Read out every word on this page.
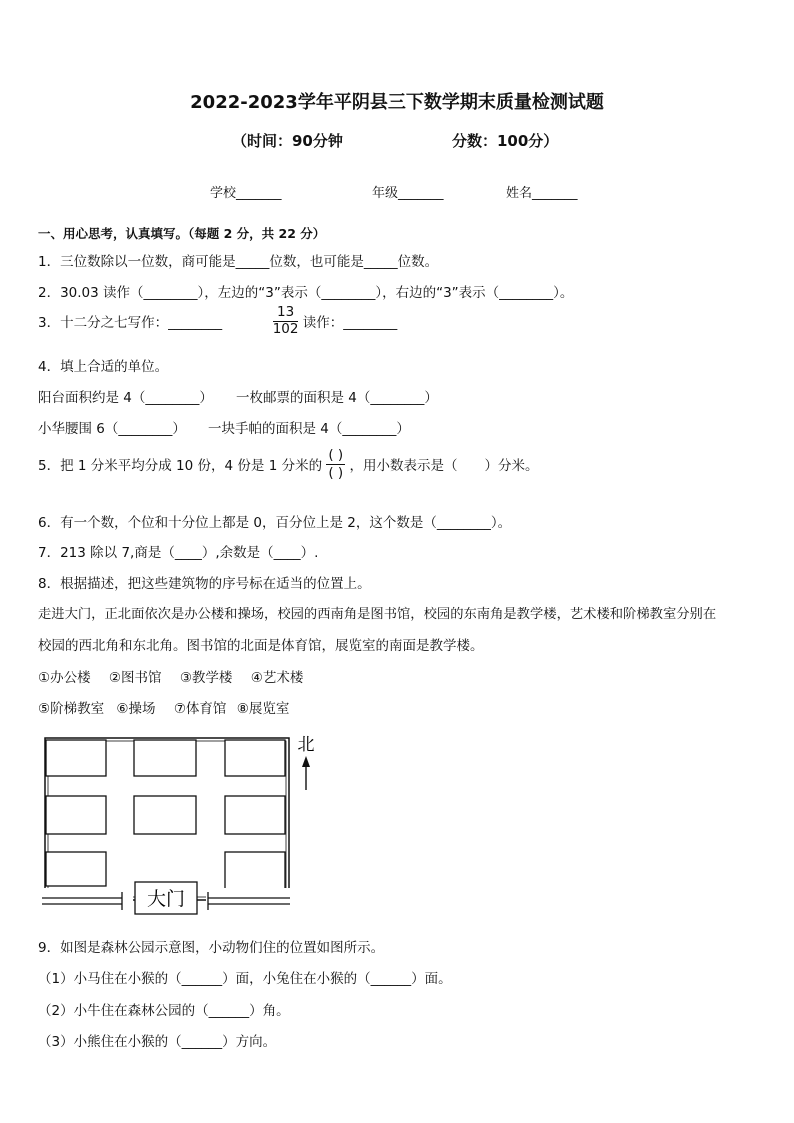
2022-2023学年平阴县三下数学期末质量检测试题
（时间：90分钟	分数：100分）
学校_______	年级_______	姓名_______
一、用心思考，认真填写。（每题 2 分，共 22 分）
1．三位数除以一位数，商可能是_____位数，也可能是_____位数。
2．30.03 读作（________），左边的“3”表示（________），右边的“3”表示（________）。
3．十二分之七写作：________	$\frac{13}{102}$ 读作：________
4．填上合适的单位。
阳台面积约是 4（________） 一枚邮票的面积是 4（________）
小华腰围 6（________） 一块手帕的面积是 4（________）
5．把 1 分米平均分成 10 份，4 份是 1 分米的 $\frac{( )}{( )}$ ，用小数表示是（　　）分米。
6．有一个数，个位和十分位上都是 0，百分位上是 2，这个数是（________）。
7．213 除以 7,商是（____）,余数是（____）.
8．根据描述，把这些建筑物的序号标在适当的位置上。
走进大门，正北面依次是办公楼和操场，校园的西南角是图书馆，校园的东南角是教学楼，艺术楼和阶梯教室分别在
校园的西北角和东北角。图书馆的北面是体育馆，展览室的南面是教学楼。
①办公楼 ②图书馆 ③教学楼 ④艺术楼
⑤阶梯教室 ⑥操场 ⑦体育馆 ⑧展览室
大门
北
9．如图是森林公园示意图，小动物们住的位置如图所示。
（1）小马住在小猴的（______）面，小兔住在小猴的（______）面。
（2）小牛住在森林公园的（______）角。
（3）小熊住在小猴的（______）方向。
